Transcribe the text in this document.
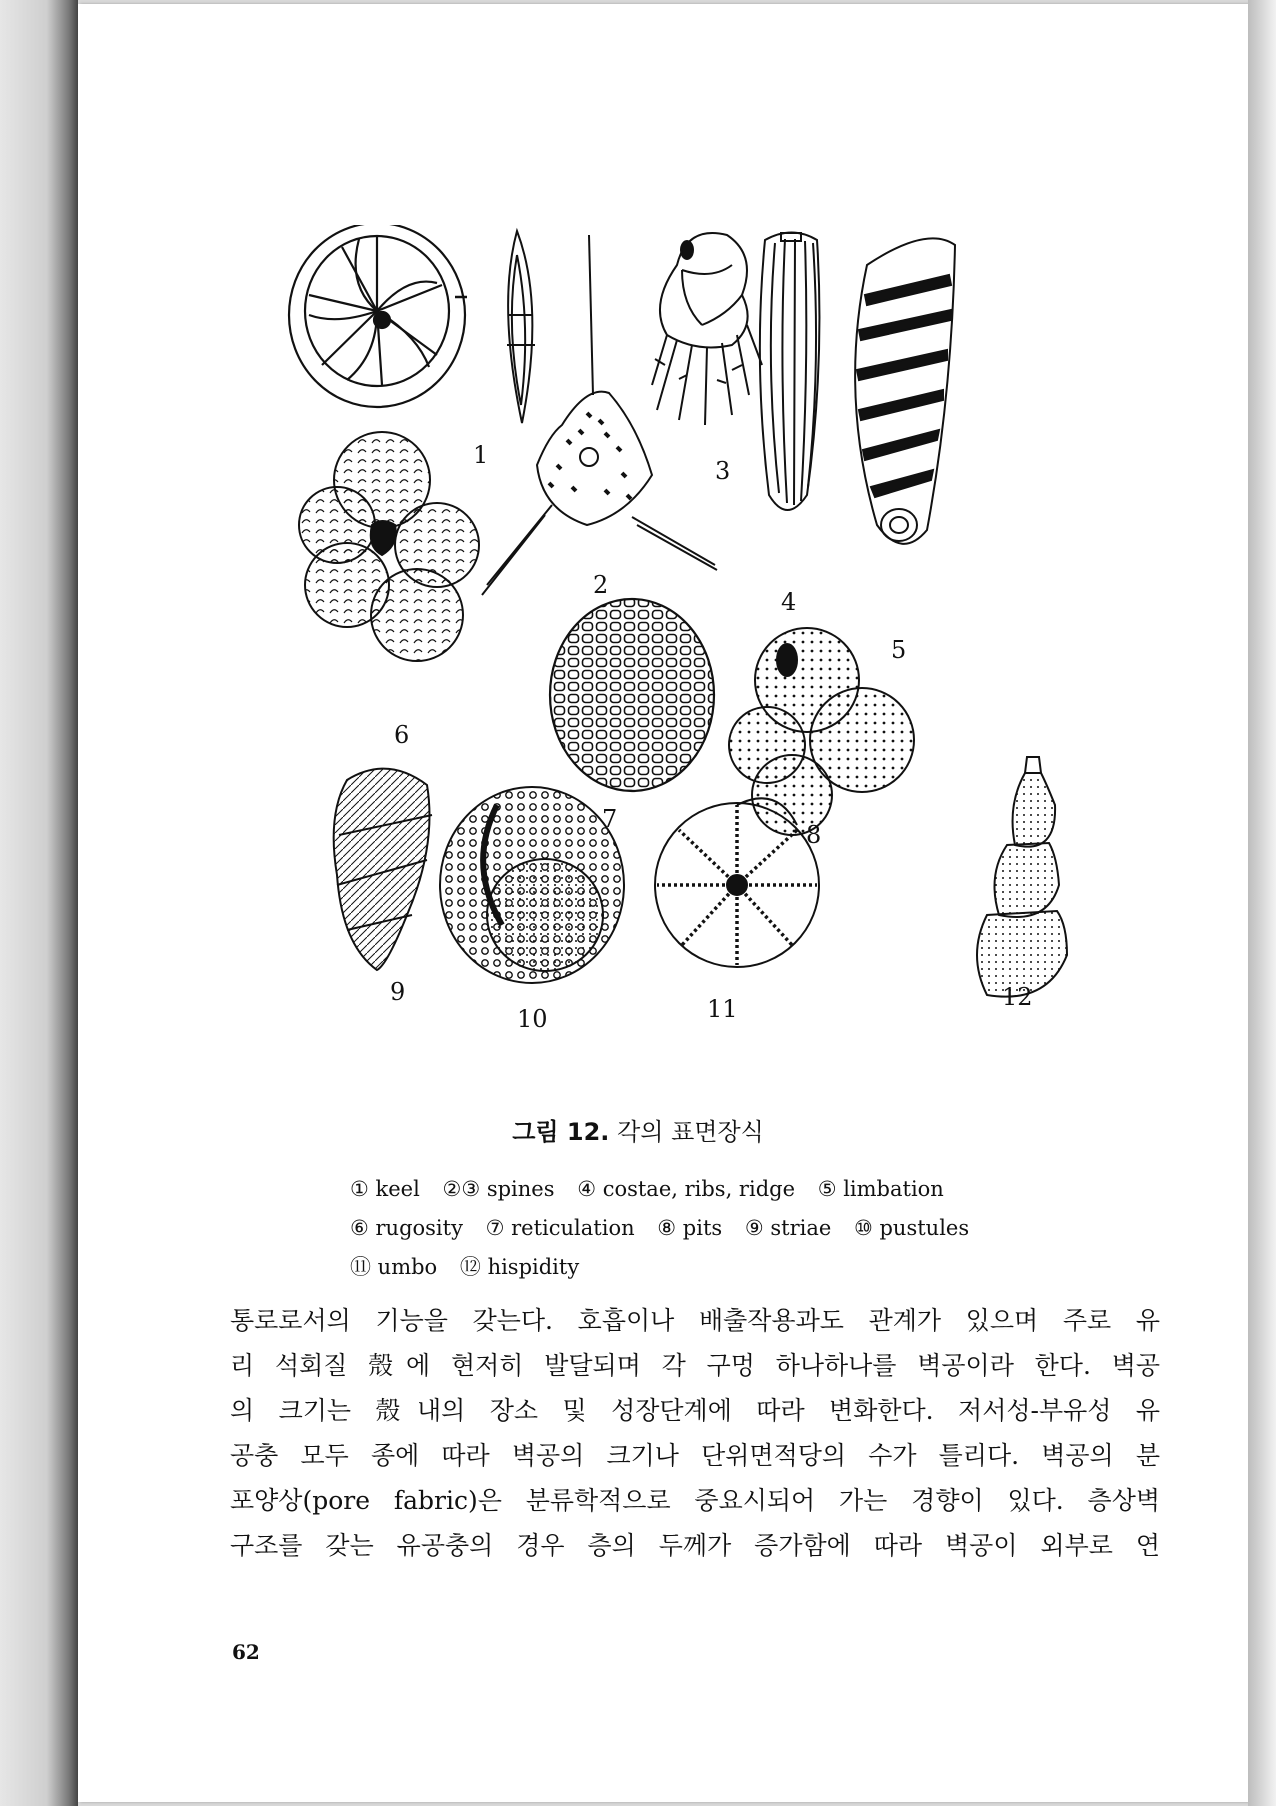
1
2
3
4
5
6
7
8
9
10	11	12
그림 12. 각의 표면장식
① keel ②③ spines ④ costae, ribs, ridge ⑤ limbation
⑥ rugosity ⑦ reticulation ⑧ pits ⑨ striae ⑩ pustules
⑪ umbo ⑫ hispidity
통로로서의 기능을 갖는다. 호흡이나 배출작용과도 관계가 있으며 주로 유
리 석회질 殼에 현저히 발달되며 각 구멍 하나하나를 벽공이라 한다. 벽공
의 크기는 殼내의 장소 및 성장단계에 따라 변화한다. 저서성-부유성 유
공충 모두 종에 따라 벽공의 크기나 단위면적당의 수가 틀리다. 벽공의 분
포양상(pore fabric)은 분류학적으로 중요시되어 가는 경향이 있다. 층상벽
구조를 갖는 유공충의 경우 층의 두께가 증가함에 따라 벽공이 외부로 연
62
